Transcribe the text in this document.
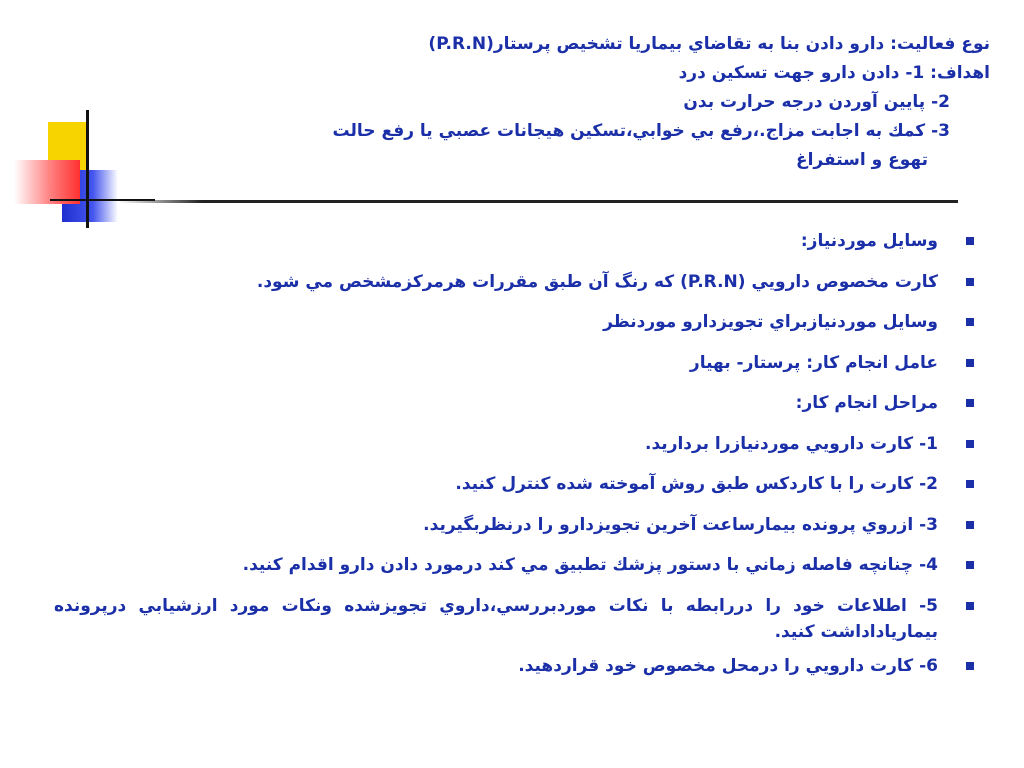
نوع فعاليت: دارو دادن بنا به تقاضاي بيماريا تشخيص پرستار(P.R.N)
اهداف: 1- دادن دارو جهت تسکين درد
2- پايين آوردن درجه حرارت بدن
3- كمك به اجابت مزاج.،رفع بي خوابي،تسكين هيجانات عصبي يا رفع حالت
تهوع و استفراغ
وسايل موردنياز:
كارت مخصوص دارويي (P.R.N) كه رنگ آن طبق مقررات هرمركزمشخص مي شود.
وسايل موردنيازبراي تجويزدارو موردنظر
عامل انجام كار: پرستار- بهيار
مراحل انجام كار:
1- كارت دارويي موردنيازرا برداريد.
2- كارت را با كاردكس طبق روش آموخته شده كنترل كنيد.
3- ازروي پرونده بيمارساعت آخرين تجويزدارو را درنظربگيريد.
4- چنانچه فاصله زماني با دستور پزشك تطبيق مي كند درمورد دادن دارو اقدام كنيد.
5- اطلاعات خود را دررابطه با نكات موردبررسي،داروي تجويزشده ونكات مورد ارزشيابي درپرونده بيمارياداداشت كنيد.
6- كارت دارويي را درمحل مخصوص خود قراردهيد.
